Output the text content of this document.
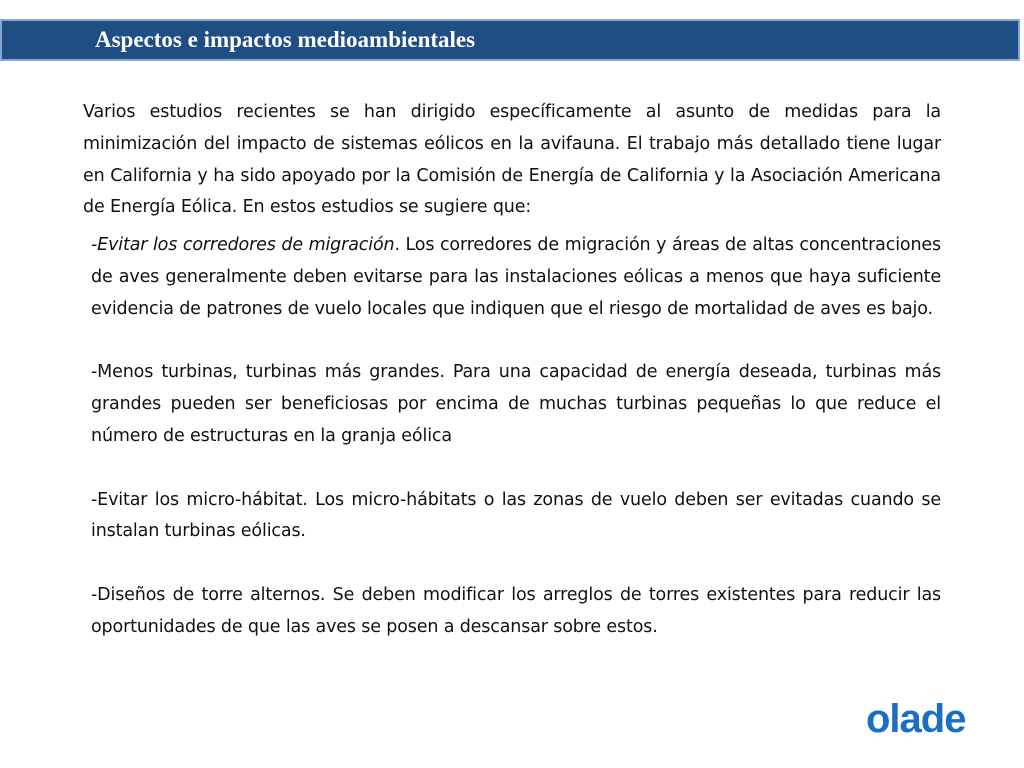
Aspectos e impactos medioambientales

Varios estudios recientes se han dirigido específicamente al asunto de medidas para la minimización del impacto de sistemas eólicos en la avifauna. El trabajo más detallado tiene lugar en California y ha sido apoyado por la Comisión de Energía de California y la Asociación Americana de Energía Eólica. En estos estudios se sugiere que:

-Evitar los corredores de migración. Los corredores de migración y áreas de altas concentraciones de aves generalmente deben evitarse para las instalaciones eólicas a menos que haya suficiente evidencia de patrones de vuelo locales que indiquen que el riesgo de mortalidad de aves es bajo.

-Menos turbinas, turbinas más grandes. Para una capacidad de energía deseada, turbinas más grandes pueden ser beneficiosas por encima de muchas turbinas pequeñas lo que reduce el número de estructuras en la granja eólica

-Evitar los micro-hábitat. Los micro-hábitats o las zonas de vuelo deben ser evitadas cuando se instalan turbinas eólicas.

-Diseños de torre alternos. Se deben modificar los arreglos de torres existentes para reducir las oportunidades de que las aves se posen a descansar sobre estos.

olade
